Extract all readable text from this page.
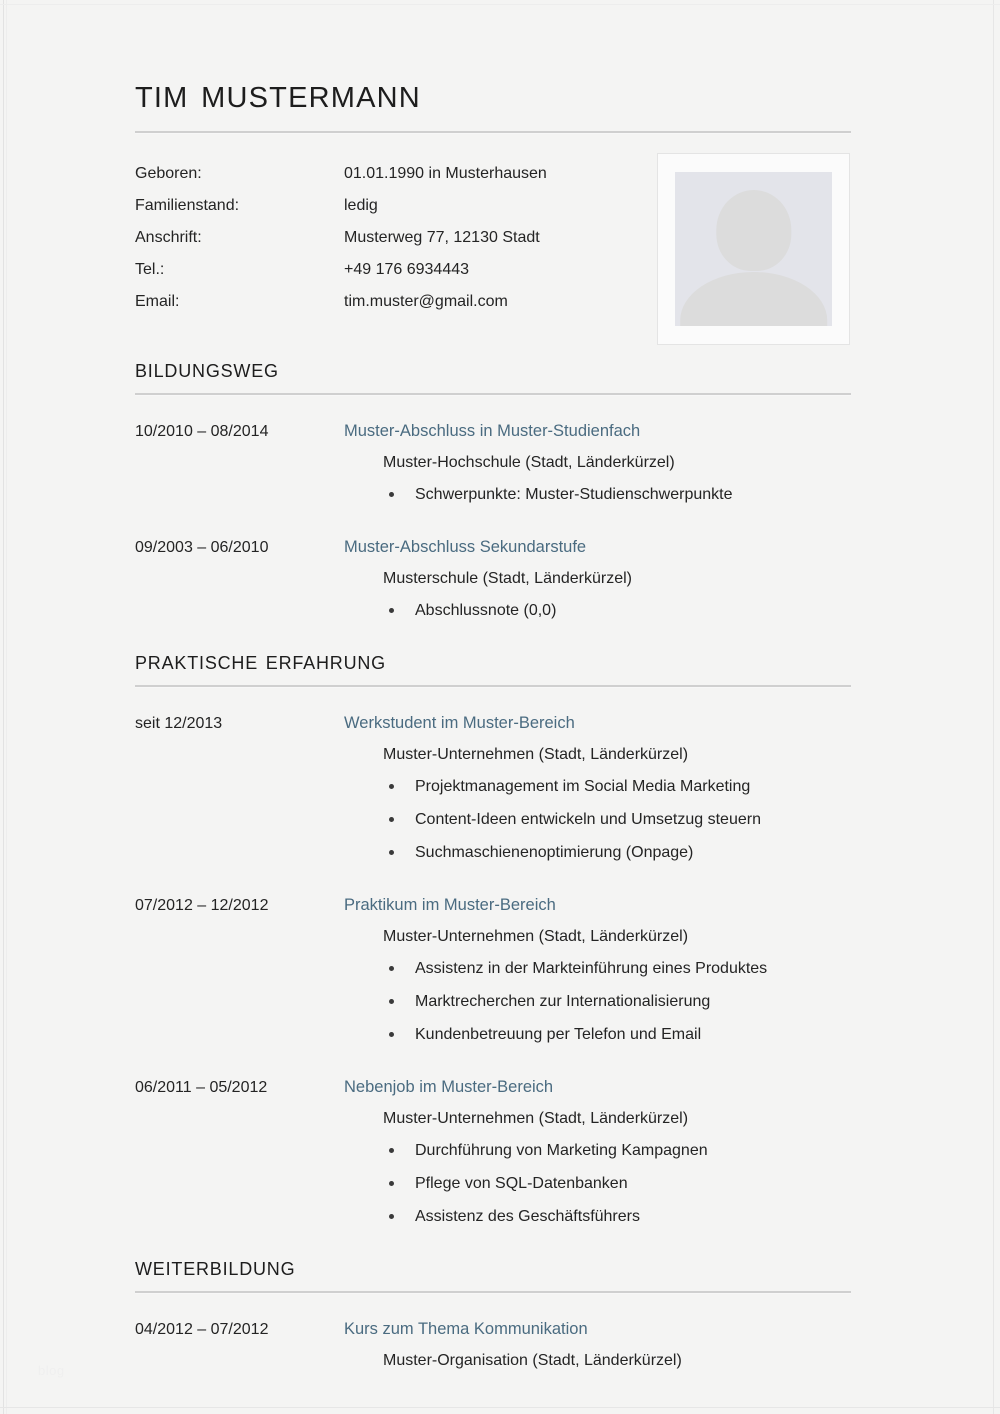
tim mustermann
Geboren:	01.01.1990 in Musterhausen
Familienstand:	ledig
Anschrift:	Musterweg 77, 12130 Stadt
Tel.:	+49 176 6934443
Email:	tim.muster@gmail.com
bildungsweg
10/2010 – 08/2014	Muster-Abschluss in Muster-Studienfach
Muster-Hochschule (Stadt, Länderkürzel)
Schwerpunkte: Muster-Studienschwerpunkte
09/2003 – 06/2010	Muster-Abschluss Sekundarstufe
Musterschule (Stadt, Länderkürzel)
Abschlussnote (0,0)
praktische erfahrung
seit 12/2013	Werkstudent im Muster-Bereich
Muster-Unternehmen (Stadt, Länderkürzel)
Projektmanagement im Social Media Marketing
Content-Ideen entwickeln und Umsetzug steuern
Suchmaschienenoptimierung (Onpage)
07/2012 – 12/2012	Praktikum im Muster-Bereich
Muster-Unternehmen (Stadt, Länderkürzel)
Assistenz in der Markteinführung eines Produktes
Marktrecherchen zur Internationalisierung
Kundenbetreuung per Telefon und Email
06/2011 – 05/2012	Nebenjob im Muster-Bereich
Muster-Unternehmen (Stadt, Länderkürzel)
Durchführung von Marketing Kampagnen
Pflege von SQL-Datenbanken
Assistenz des Geschäftsführers
weiterbildung
04/2012 – 07/2012	Kurs zum Thema Kommunikation
Muster-Organisation (Stadt, Länderkürzel)
blog
